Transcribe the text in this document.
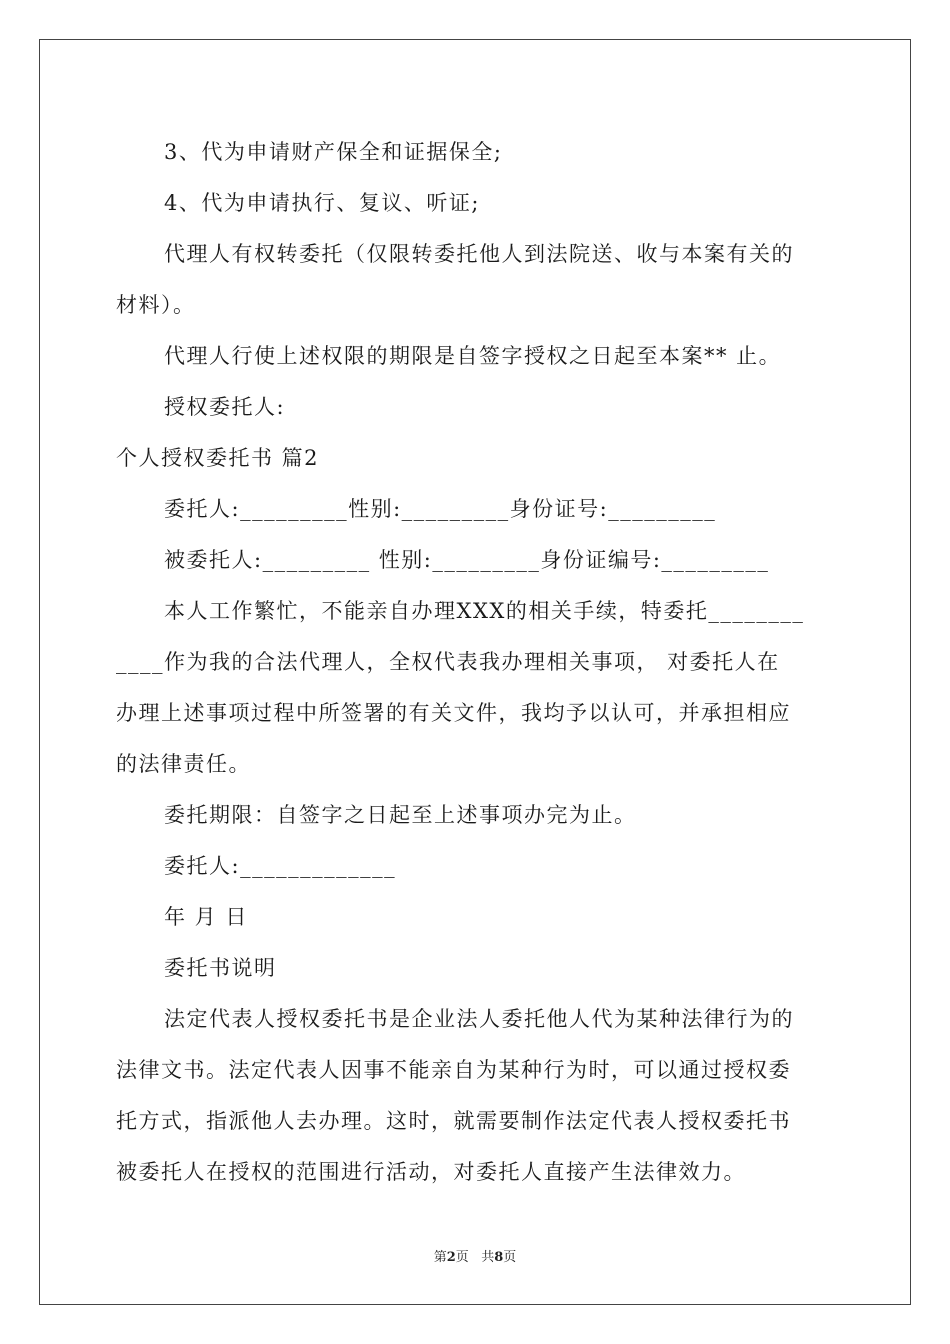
3、代为申请财产保全和证据保全;
4、代为申请执行、复议、听证;
代理人有权转委托（仅限转委托他人到法院送、收与本案有关的
材料）。
代理人行使上述权限的期限是自签字授权之日起至本案** 止。
授权委托人:
个人授权委托书 篇2
委托人:_________性别:_________身份证号:_________
被委托人:_________ 性别:_________身份证编号:_________
本人工作繁忙，不能亲自办理XXX的相关手续，特委托________
____作为我的合法代理人，全权代表我办理相关事项， 对委托人在
办理上述事项过程中所签署的有关文件，我均予以认可，并承担相应
的法律责任。
委托期限：自签字之日起至上述事项办完为止。
委托人:_____________
年 月 日
委托书说明
法定代表人授权委托书是企业法人委托他人代为某种法律行为的
法律文书。法定代表人因事不能亲自为某种行为时，可以通过授权委
托方式，指派他人去办理。这时，就需要制作法定代表人授权委托书
被委托人在授权的范围进行活动，对委托人直接产生法律效力。
第2页 共8页
